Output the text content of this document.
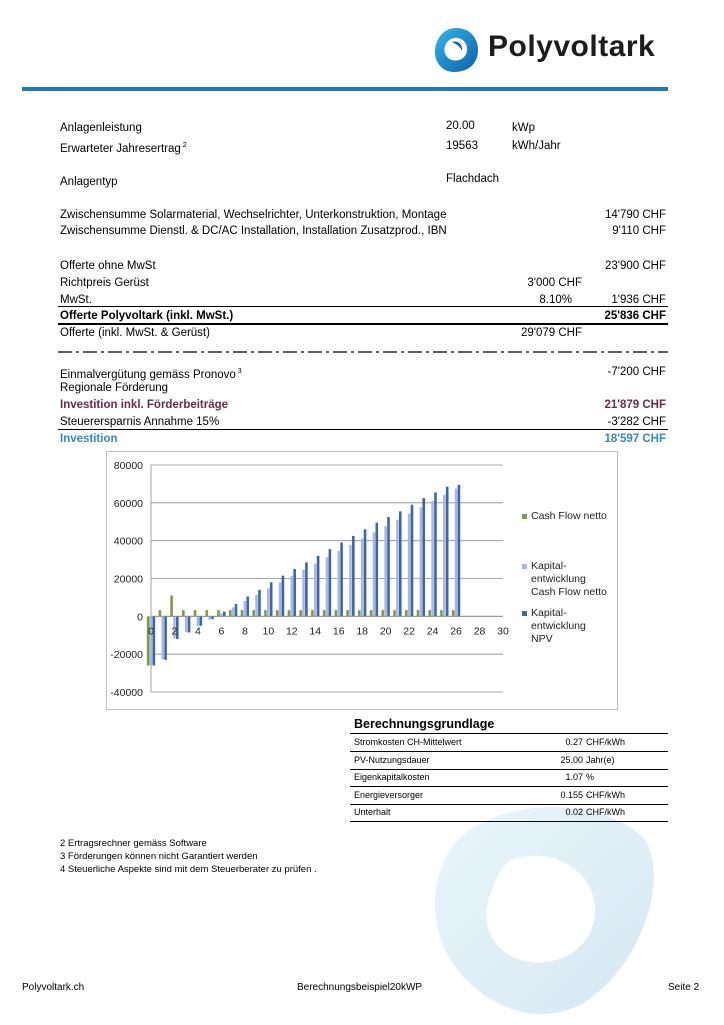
Polyvoltark
Anlagenleistung	20.00	kWp
Erwarteter Jahresertrag $^2$	19563	kWh/Jahr
Anlagentyp	Flachdach
Zwischensumme Solarmaterial, Wechselrichter, Unterkonstruktion, Montage	14'790 CHF
Zwischensumme Dienstl. & DC/AC Installation, Installation Zusatzprod., IBN	9'110 CHF
Offerte ohne MwSt	23'900 CHF
Richtpreis Gerüst	3'000 CHF
MwSt.	8.10%	1'936 CHF
Offerte Polyvoltark (inkl. MwSt.)	25'836 CHF
Offerte (inkl. MwSt. & Gerüst)	29'079 CHF
Einmalvergütung gemäss Pronovo $^3$	-7'200 CHF
Regionale Förderung
Investition inkl. Förderbeiträge	21'879 CHF
Steuerersparnis Annahme 15%	-3'282 CHF
Investition	18'597 CHF
80000
60000
40000
20000
0
-20000
-40000
0 2 4 6 8 10 12 14 16 18 20 22 24 26 28 30
Cash Flow netto
Kapital-
entwicklung
Cash Flow netto
Kapital-
entwicklung
NPV
Berechnungsgrundlage
Stromkosten CH-Mittelwert	0.27 CHF/kWh
PV-Nutzungsdauer	25.00 Jahr(e)
Eigenkapitalkosten	1.07 %
Energieversorger	0.155 CHF/kWh
Unterhalt	0.02 CHF/kWh
2 Ertragsrechner gemäss Software
3 Förderungen können nicht Garantiert werden
4 Steuerliche Aspekte sind mit dem Steuerberater zu prüfen .
Polyvoltark.ch	Berechnungsbeispiel20kWP	Seite 2
